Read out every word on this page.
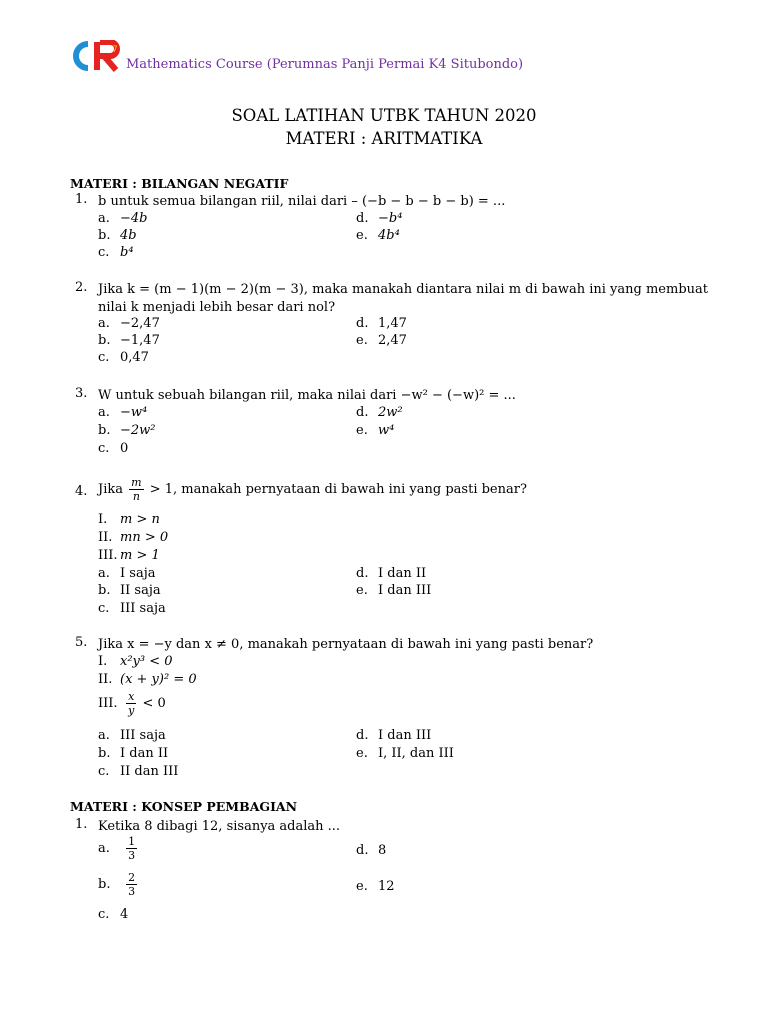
7
Mathematics Course (Perumnas Panji Permai K4 Situbondo)
SOAL LATIHAN UTBK TAHUN 2020
MATERI : ARITMATIKA
MATERI : BILANGAN NEGATIF
1. b untuk semua bilangan riil, nilai dari – (−b − b − b − b) = ...
a. −4b
b. 4b
c. b⁴
d. −b⁴
e. 4b⁴
2. Jika k = (m − 1)(m − 2)(m − 3), maka manakah diantara nilai m di bawah ini yang membuat
nilai k menjadi lebih besar dari nol?
a. −2,47
b. −1,47
c. 0,47
d. 1,47
e. 2,47
3. W untuk sebuah bilangan riil, maka nilai dari −w² − (−w)² = ...
a. −w⁴
b. −2w²
c. 0
d. 2w²
e. w⁴
4. Jika $\frac{m}{n} > 1$, manakah pernyataan di bawah ini yang pasti benar?
I. m > n
II. mn > 0
III. m > 1
a. I saja
b. II saja
c. III saja
d. I dan II
e. I dan III
5. Jika x = −y dan x ≠ 0, manakah pernyataan di bawah ini yang pasti benar?
I. x²y³ < 0
II. (x + y)² = 0
III. $\frac{x}{y} < 0$
a. III saja
b. I dan II
c. II dan III
d. I dan III
e. I, II, dan III
MATERI : KONSEP PEMBAGIAN
1. Ketika 8 dibagi 12, sisanya adalah ...
a. $\frac{1}{3}$
b. $\frac{2}{3}$
c. 4
d. 8
e. 12
